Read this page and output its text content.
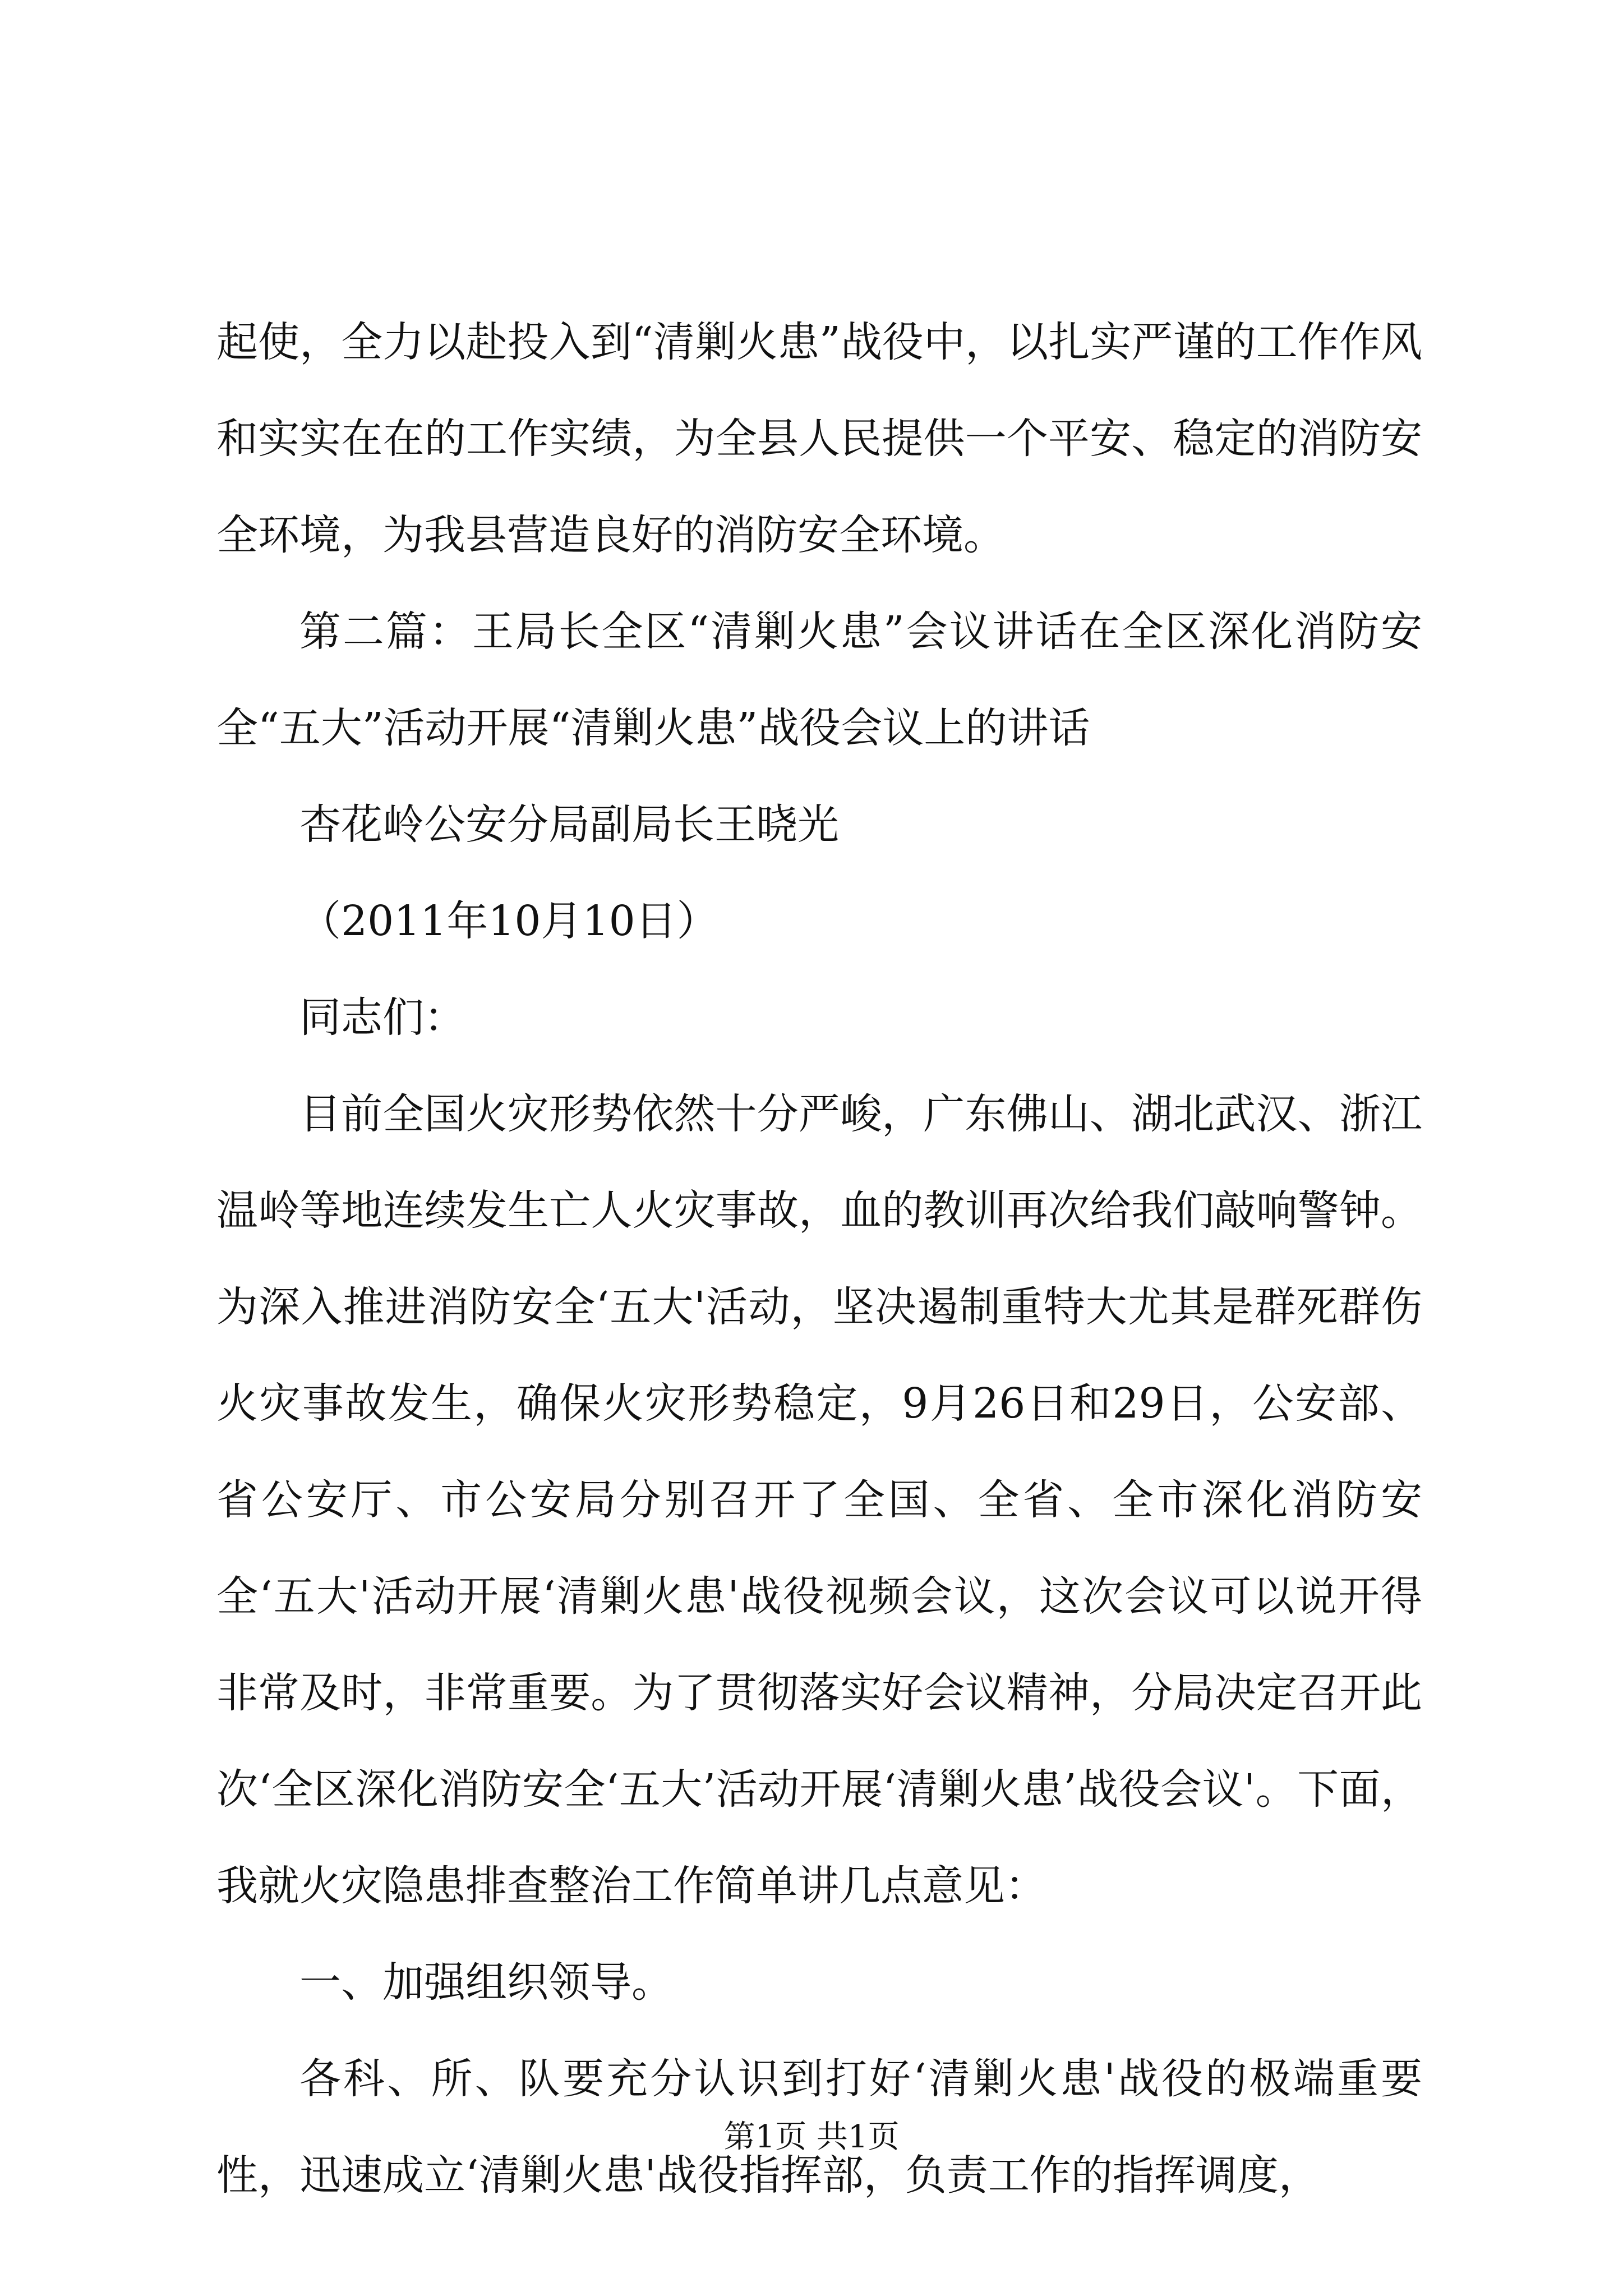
起使，全力以赴投入到“清剿火患”战役中，以扎实严谨的工作作风和实实在在的工作实绩，为全县人民提供一个平安、稳定的消防安全环境，为我县营造良好的消防安全环境。

第二篇：王局长全区“清剿火患”会议讲话在全区深化消防安全“五大”活动开展“清剿火患”战役会议上的讲话

杏花岭公安分局副局长王晓光

（2011年10月10日）

同志们：

目前全国火灾形势依然十分严峻，广东佛山、湖北武汉、浙江温岭等地连续发生亡人火灾事故，血的教训再次给我们敲响警钟。为深入推进消防安全‘五大'活动，坚决遏制重特大尤其是群死群伤火灾事故发生，确保火灾形势稳定，9月26日和29日，公安部、省公安厅、市公安局分别召开了全国、全省、全市深化消防安全‘五大'活动开展‘清剿火患'战役视频会议，这次会议可以说开得非常及时，非常重要。为了贯彻落实好会议精神，分局决定召开此次‘全区深化消防安全‘五大’活动开展‘清剿火患’战役会议'。下面，我就火灾隐患排查整治工作简单讲几点意见：

一、加强组织领导。

各科、所、队要充分认识到打好‘清剿火患'战役的极端重要性，迅速成立‘清剿火患'战役指挥部，负责工作的指挥调度，

第1页 共1页
